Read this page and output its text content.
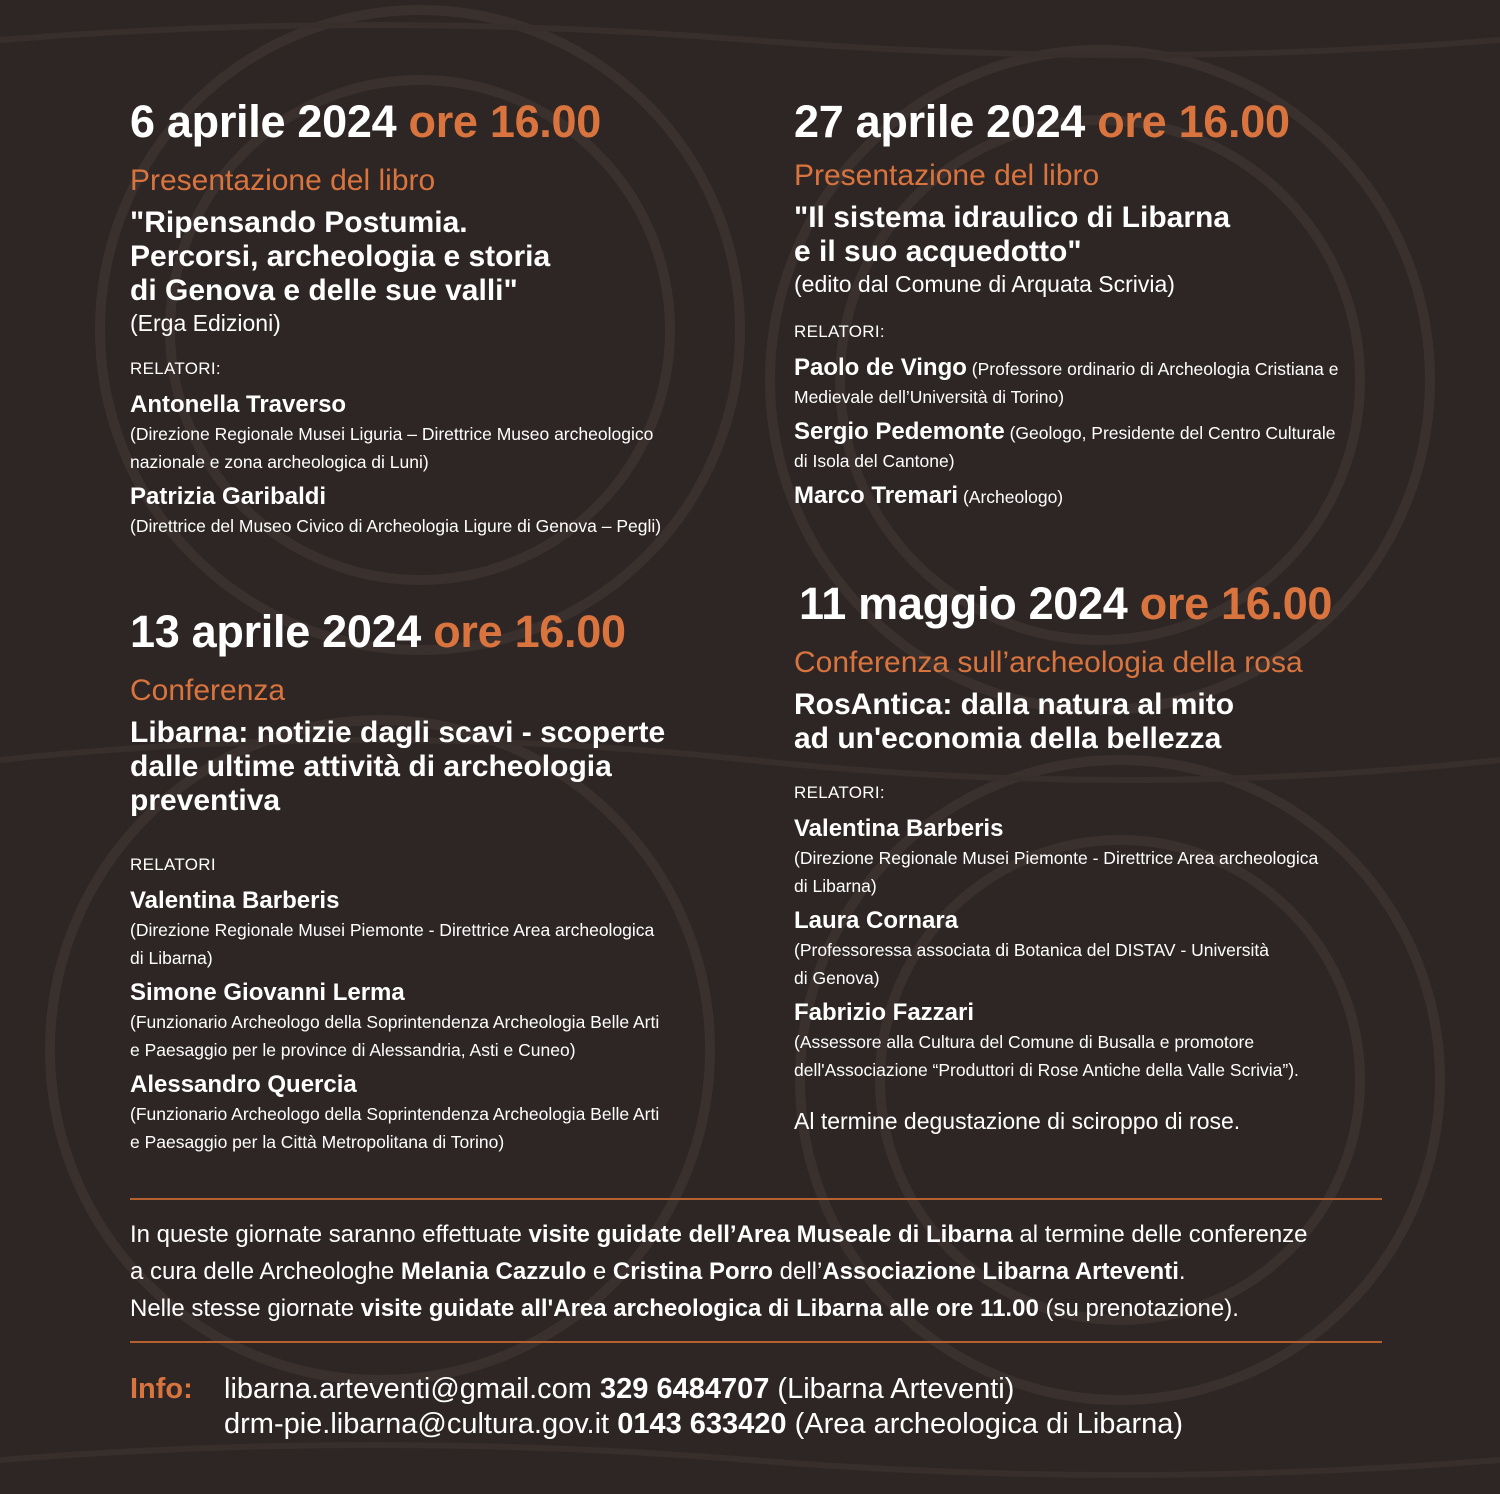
6 aprile 2024 ore 16.00

Presentazione del libro

"Ripensando Postumia.

Percorsi, archeologia e storia

di Genova e delle sue valli"

(Erga Edizioni)

RELATORI:

Antonella Traverso
(Direzione Regionale Musei Liguria – Direttrice Museo archeologico
nazionale e zona archeologica di Luni)
Patrizia Garibaldi
(Direttrice del Museo Civico di Archeologia Ligure di Genova – Pegli)

13 aprile 2024 ore 16.00

Conferenza

Libarna: notizie dagli scavi - scoperte

dalle ultime attività di archeologia

preventiva

RELATORI

Valentina Barberis
(Direzione Regionale Musei Piemonte - Direttrice Area archeologica
di Libarna)
Simone Giovanni Lerma
(Funzionario Archeologo della Soprintendenza Archeologia Belle Arti
e Paesaggio per le province di Alessandria, Asti e Cuneo)
Alessandro Quercia
(Funzionario Archeologo della Soprintendenza Archeologia Belle Arti
e Paesaggio per la Città Metropolitana di Torino)

27 aprile 2024 ore 16.00

Presentazione del libro

"Il sistema idraulico di Libarna

e il suo acquedotto"

(edito dal Comune di Arquata Scrivia)

RELATORI:

Paolo de Vingo (Professore ordinario di Archeologia Cristiana e
Medievale dell’Università di Torino)
Sergio Pedemonte (Geologo, Presidente del Centro Culturale
di Isola del Cantone)
Marco Tremari (Archeologo)

11 maggio 2024 ore 16.00

Conferenza sull’archeologia della rosa

RosAntica: dalla natura al mito

ad un'economia della bellezza

RELATORI:

Valentina Barberis
(Direzione Regionale Musei Piemonte - Direttrice Area archeologica
di Libarna)
Laura Cornara
(Professoressa associata di Botanica del DISTAV - Università
di Genova)
Fabrizio Fazzari
(Assessore alla Cultura del Comune di Busalla e promotore
dell'Associazione “Produttori di Rose Antiche della Valle Scrivia”).

Al termine degustazione di sciroppo di rose.

In queste giornate saranno effettuate visite guidate dell’Area Museale di Libarna al termine delle conferenze

a cura delle Archeologhe Melania Cazzulo e Cristina Porro dell’Associazione Libarna Arteventi.

Nelle stesse giornate visite guidate all'Area archeologica di Libarna alle ore 11.00 (su prenotazione).

Info: libarna.arteventi@gmail.com 329 6484707 (Libarna Arteventi)
drm-pie.libarna@cultura.gov.it 0143 633420 (Area archeologica di Libarna)
